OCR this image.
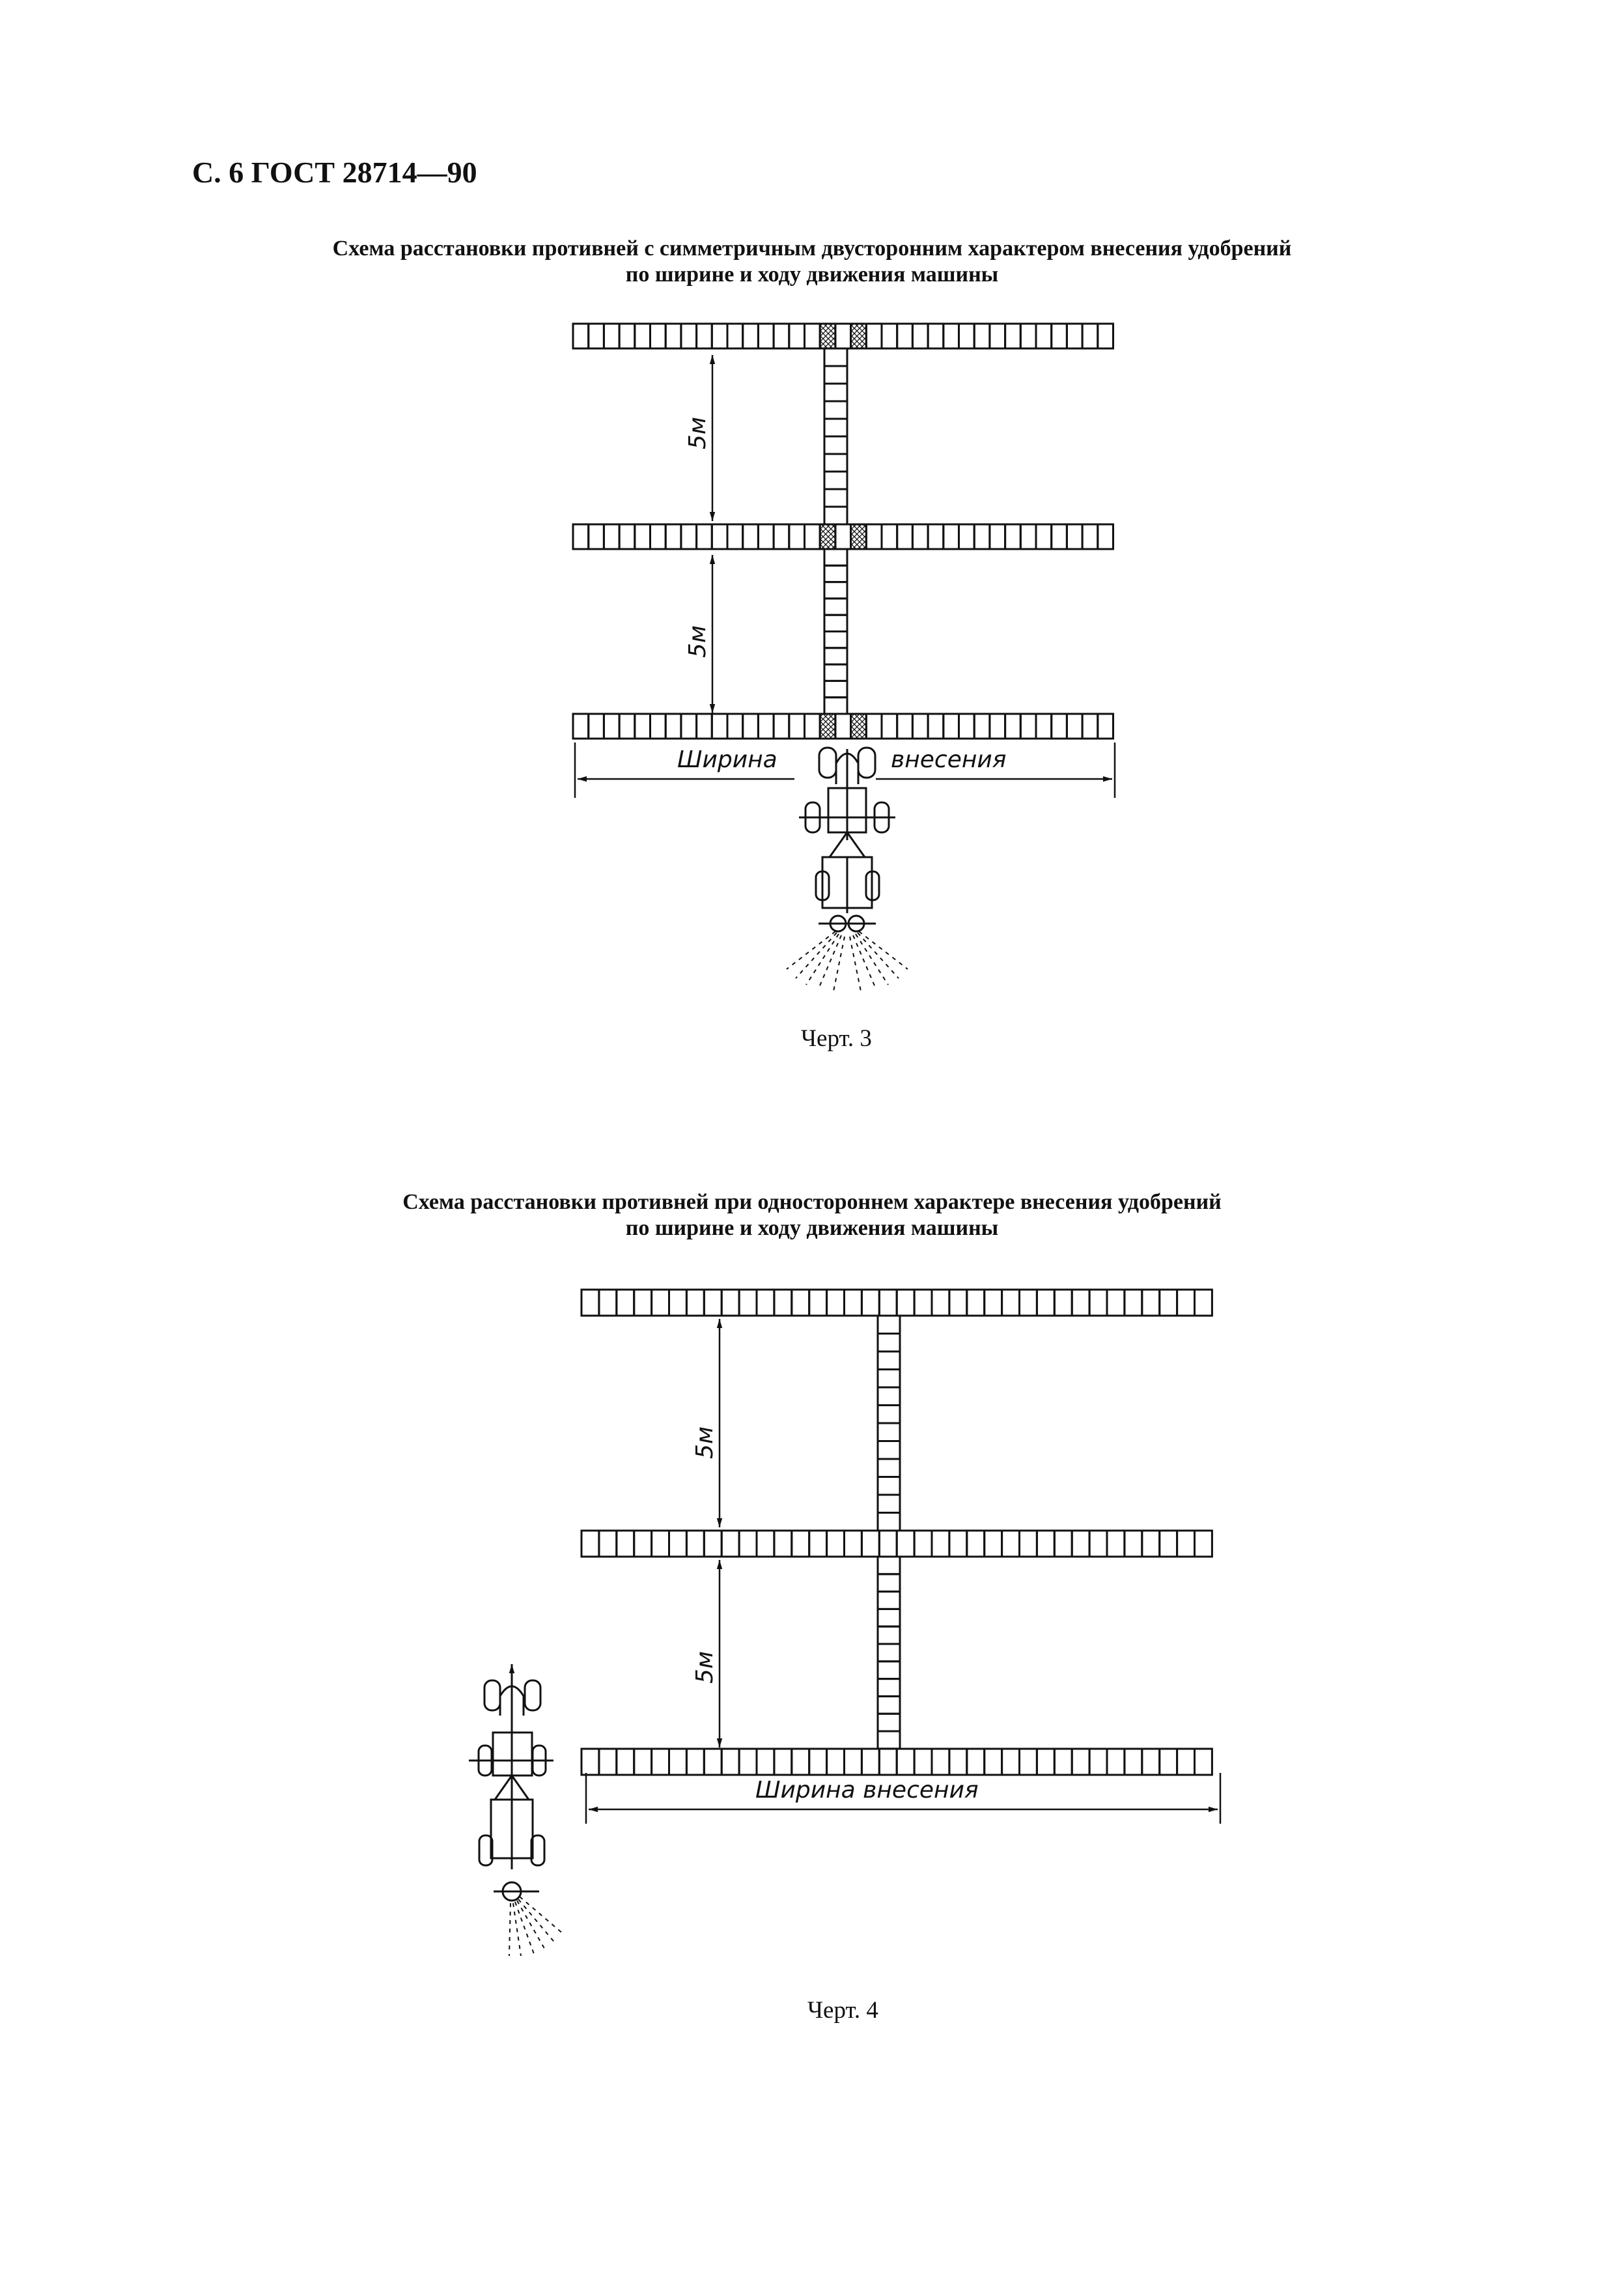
С. 6 ГОСТ 28714—90
Схема расстановки противней с симметричным двусторонним характером внесения удобрений
по ширине и ходу движения машины
Схема расстановки противней при одностороннем характере внесения удобрений
по ширине и ходу движения машины
5м
5м
Ширина	внесения
5м
5м
Ширина внесения
Черт. 3
Черт. 4
